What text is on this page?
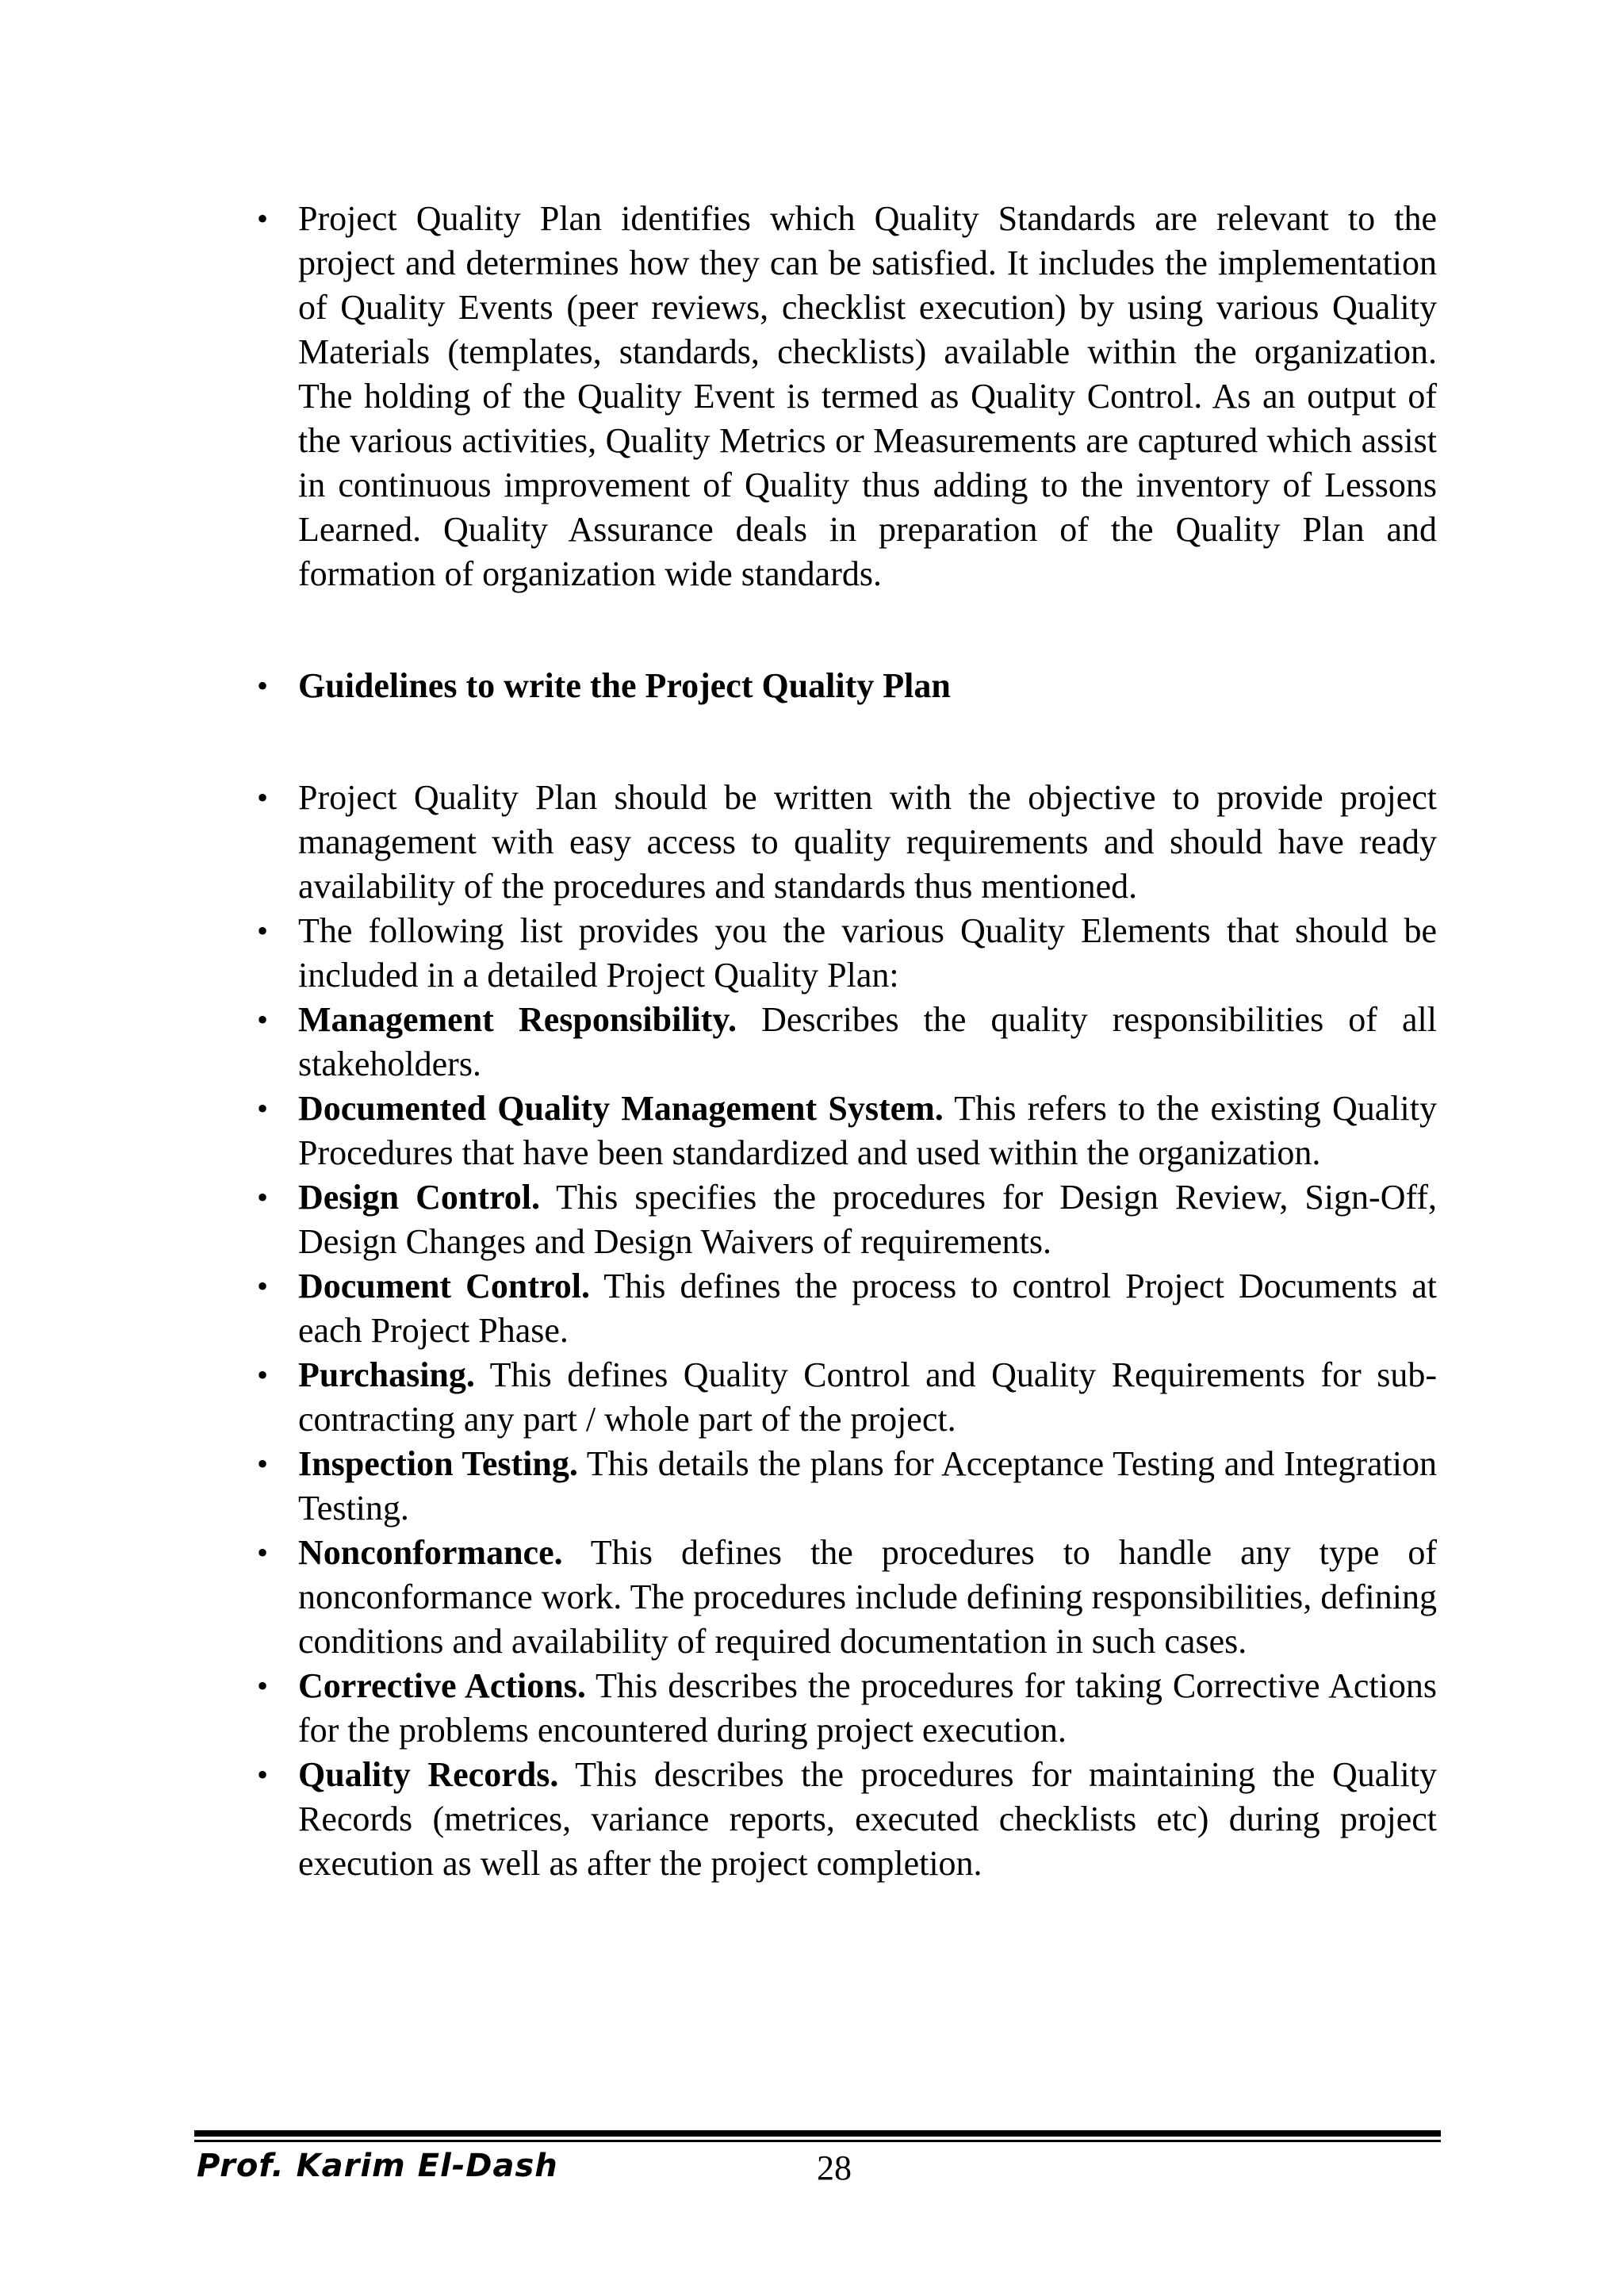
• Project Quality Plan identifies which Quality Standards are relevant to the project and determines how they can be satisfied. It includes the implementation of Quality Events (peer reviews, checklist execution) by using various Quality Materials (templates, standards, checklists) available within the organization. The holding of the Quality Event is termed as Quality Control. As an output of the various activities, Quality Metrics or Measurements are captured which assist in continuous improvement of Quality thus adding to the inventory of Lessons Learned. Quality Assurance deals in preparation of the Quality Plan and formation of organization wide standards.
• Guidelines to write the Project Quality Plan
• Project Quality Plan should be written with the objective to provide project management with easy access to quality requirements and should have ready availability of the procedures and standards thus mentioned.
• The following list provides you the various Quality Elements that should be included in a detailed Project Quality Plan:
• Management Responsibility. Describes the quality responsibilities of all stakeholders.
• Documented Quality Management System. This refers to the existing Quality Procedures that have been standardized and used within the organization.
• Design Control. This specifies the procedures for Design Review, Sign-Off, Design Changes and Design Waivers of requirements.
• Document Control. This defines the process to control Project Documents at each Project Phase.
• Purchasing. This defines Quality Control and Quality Requirements for sub-contracting any part / whole part of the project.
• Inspection Testing. This details the plans for Acceptance Testing and Integration Testing.
• Nonconformance. This defines the procedures to handle any type of nonconformance work. The procedures include defining responsibilities, defining conditions and availability of required documentation in such cases.
• Corrective Actions. This describes the procedures for taking Corrective Actions for the problems encountered during project execution.
• Quality Records. This describes the procedures for maintaining the Quality Records (metrices, variance reports, executed checklists etc) during project execution as well as after the project completion.
Prof. Karim El-Dash	28
